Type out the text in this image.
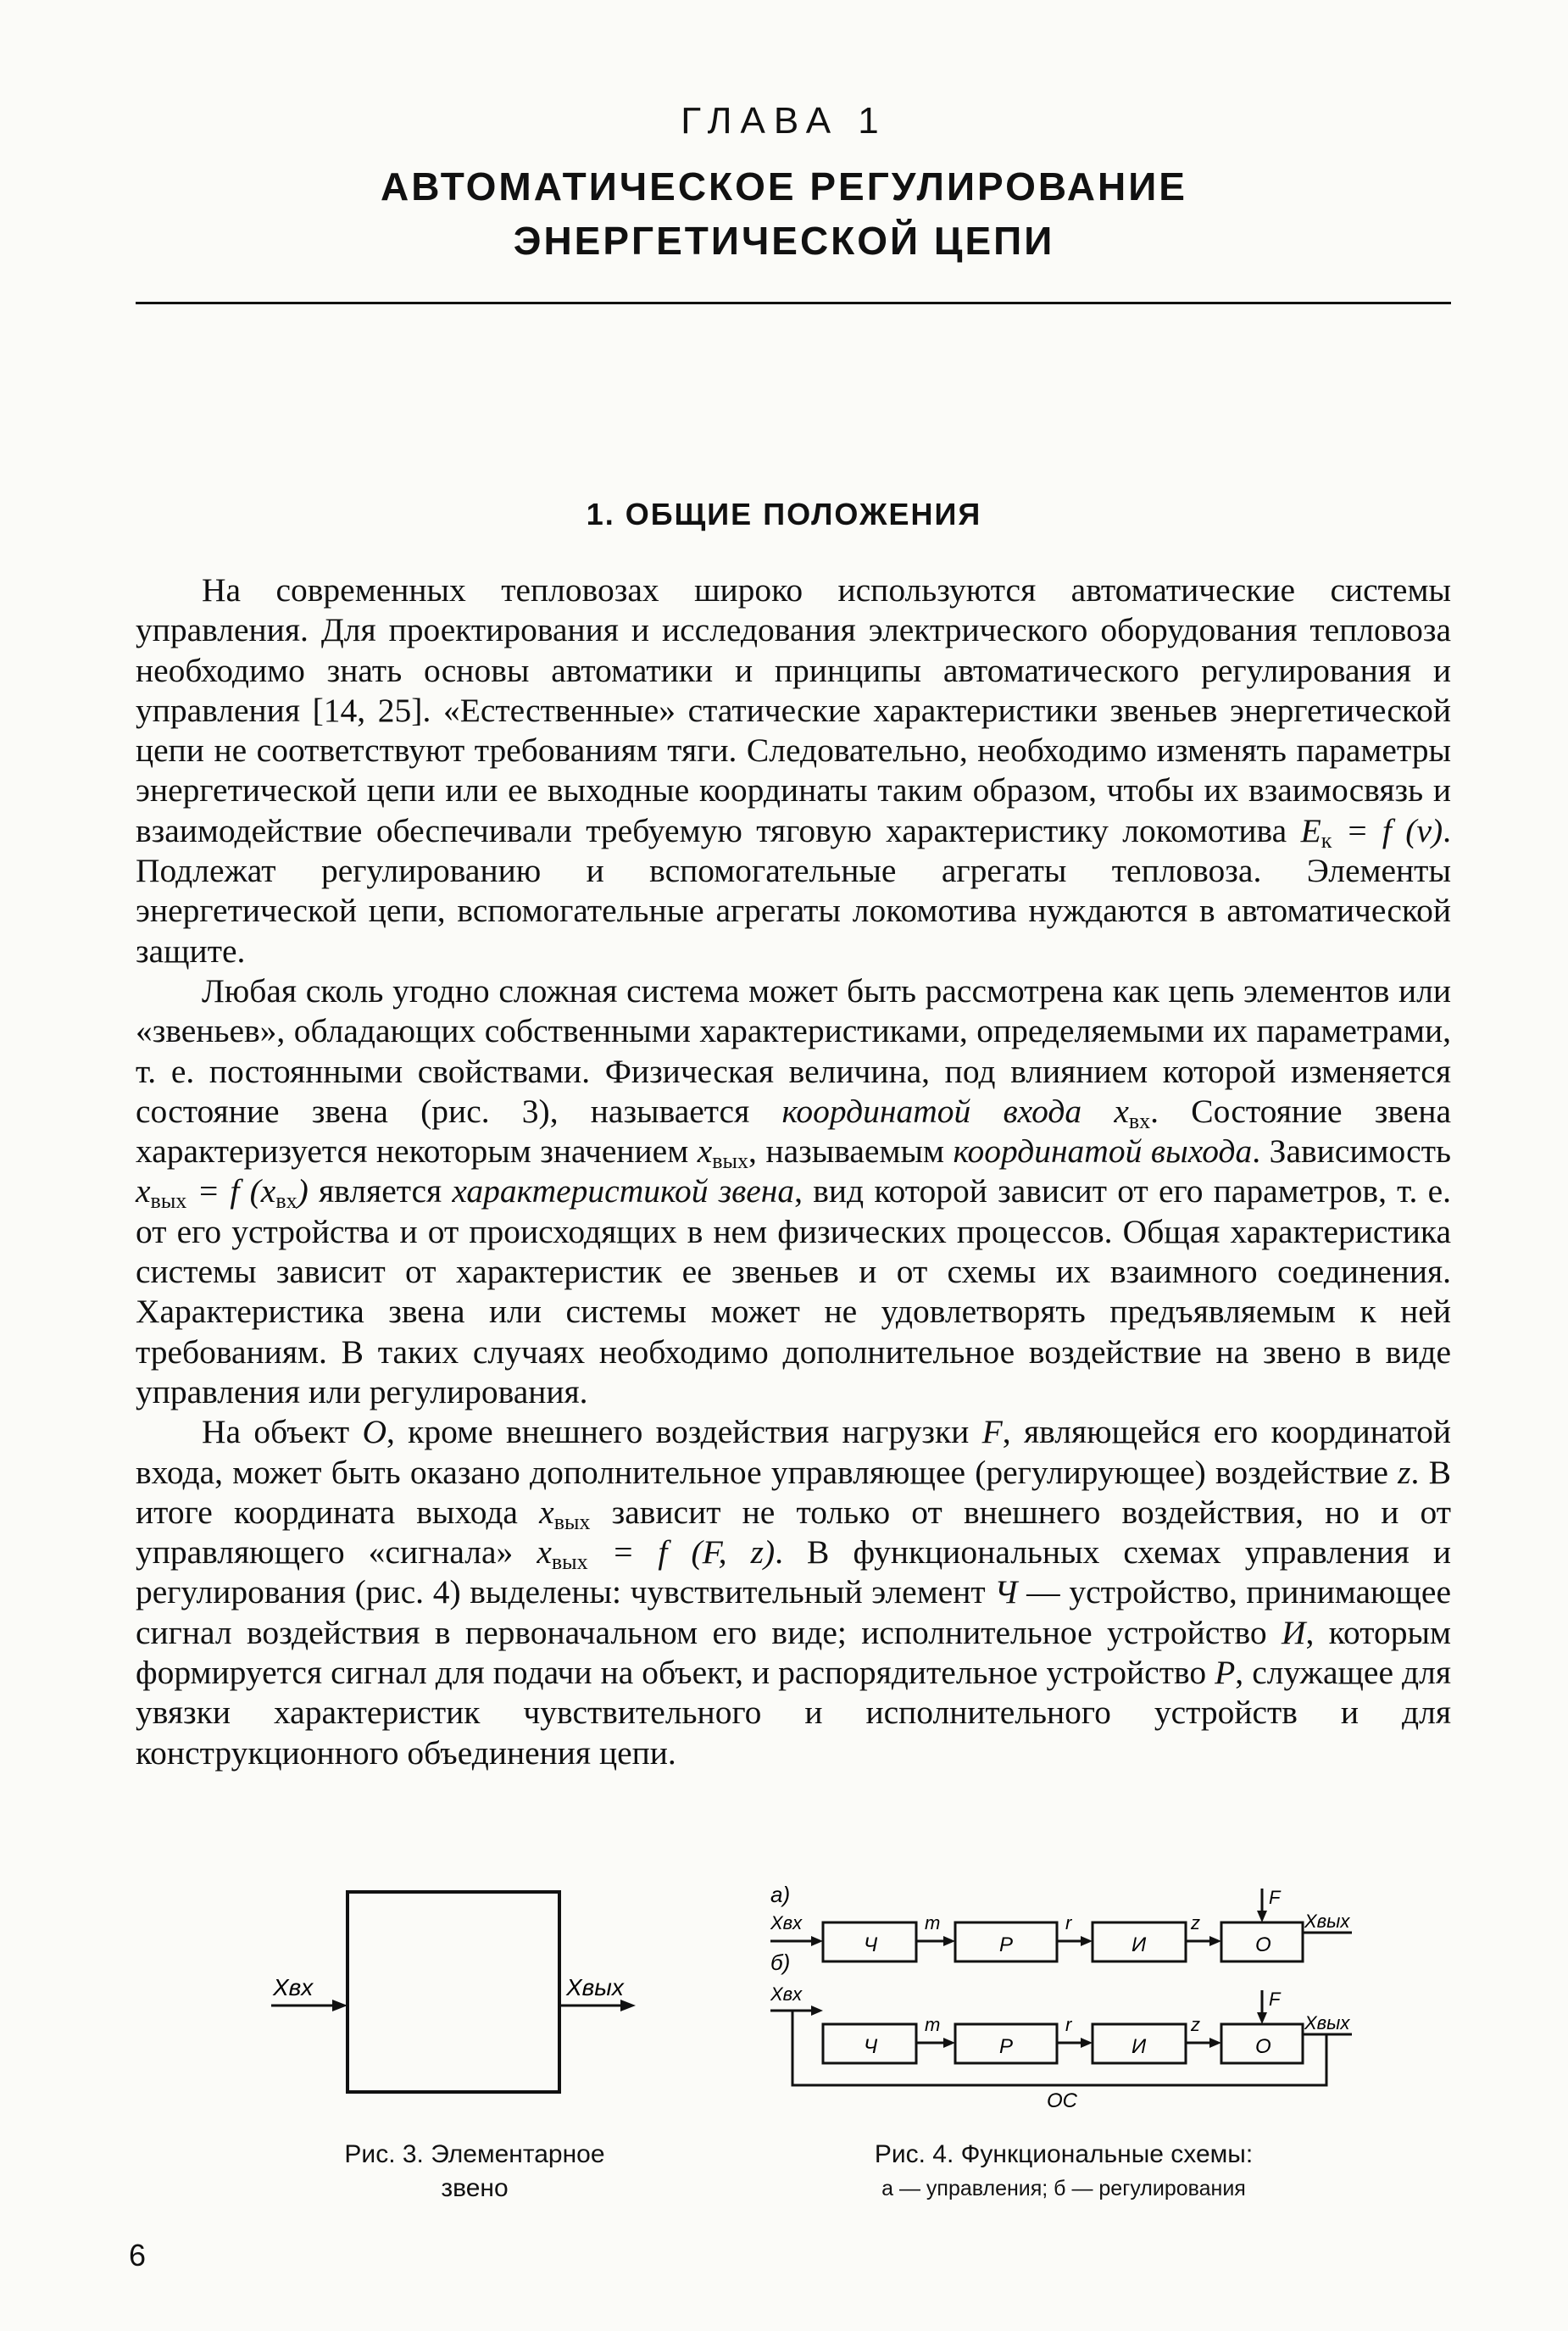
ГЛАВА 1
АВТОМАТИЧЕСКОЕ РЕГУЛИРОВАНИЕ
ЭНЕРГЕТИЧЕСКОЙ ЦЕПИ
1. ОБЩИЕ ПОЛОЖЕНИЯ

На современных тепловозах широко используются автоматические системы управления. Для проектирования и исследования электрического оборудования тепловоза необходимо знать основы автоматики и принципы автоматического регулирования и управления [14, 25]. «Естественные» статические характеристики звеньев энергетической цепи не соответствуют требованиям тяги. Следовательно, необходимо изменять параметры энергетической цепи или ее выходные координаты таким образом, чтобы их взаимосвязь и взаимодействие обеспечивали требуемую тяговую характеристику локомотива $E_к = f$ (v). Подлежат регулированию и вспомогательные агрегаты тепловоза. Элементы энергетической цепи, вспомогательные агрегаты локомотива нуждаются в автоматической защите.

Любая сколь угодно сложная система может быть рассмотрена как цепь элементов или «звеньев», обладающих собственными характеристиками, определяемыми их параметрами, т. е. постоянными свойствами. Физическая величина, под влиянием которой изменяется состояние звена (рис. 3), называется координатой входа $x_{вх}$. Состояние звена характеризуется некоторым значением $x_{вых}$, называемым координатой выхода. Зависимость $x_{вых} = f$ $(x_{вх})$ является характеристикой звена, вид которой зависит от его параметров, т. е. от его устройства и от происходящих в нем физических процессов. Общая характеристика системы зависит от характеристик ее звеньев и от схемы их взаимного соединения. Характеристика звена или системы может не удовлетворять предъявляемым к ней требованиям. В таких случаях необходимо дополнительное воздействие на звено в виде управления или регулирования.

На объект О, кроме внешнего воздействия нагрузки F, являющейся его координатой входа, может быть оказано дополнительное управляющее (регулирующее) воздействие z. В итоге координата выхода $x_{вых}$ зависит не только от внешнего воздействия, но и от управляющего «сигнала» $x_{вых} = f$ (F, z). В функциональных схемах управления и регулирования (рис. 4) выделены: чувствительный элемент Ч — устройство, принимающее сигнал воздействия в первоначальном его виде; исполнительное устройство И, которым формируется сигнал для подачи на объект, и распорядительное устройство Р, служащее для увязки характеристик чувствительного и исполнительного устройств и для конструкционного объединения цепи.

Xвх	Xвых
а)
Xвх
Ч
m
Р
r
И
z
О
F
Xвых
б)
Xвх
Ч
m
Р
r
И
z
О
F
Xвых
ОС
Рис. 3. Элементарное
звено
Рис. 4. Функциональные схемы:
а — управления; б — регулирования
6
